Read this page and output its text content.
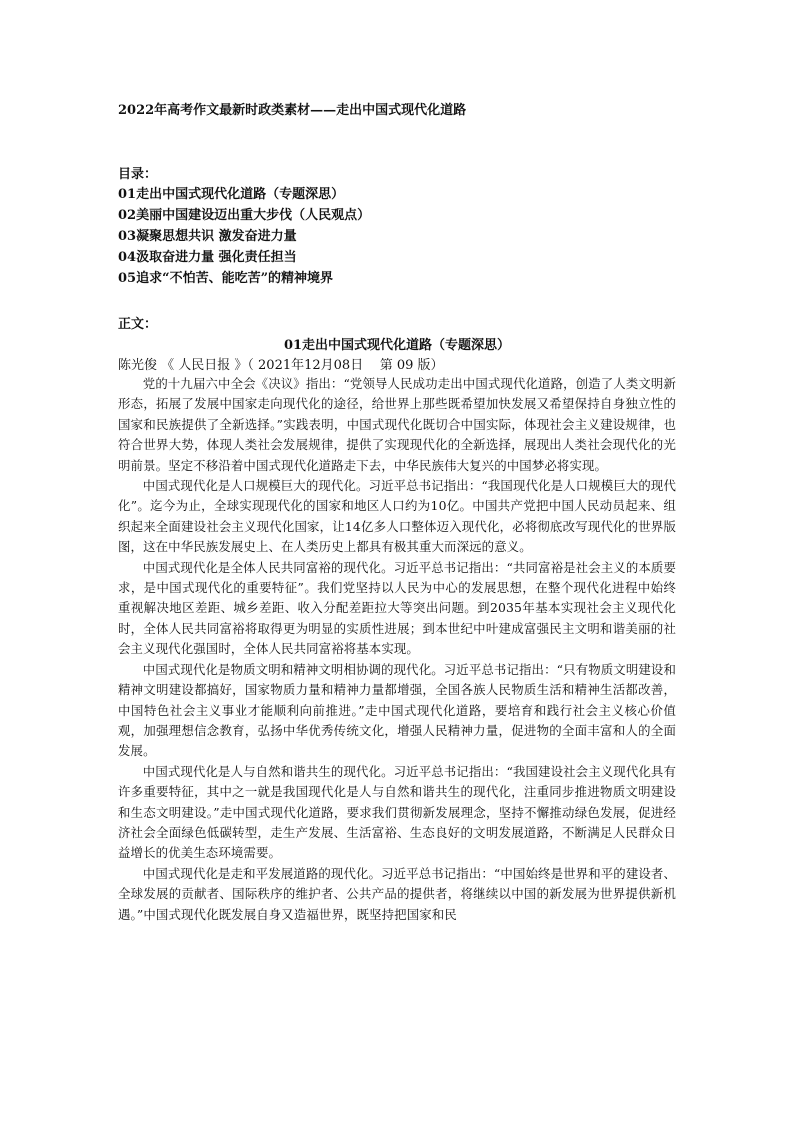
2022年高考作文最新时政类素材——走出中国式现代化道路
目录：
01走出中国式现代化道路（专题深思）
02美丽中国建设迈出重大步伐（人民观点）
03凝聚思想共识 激发奋进力量
04汲取奋进力量 强化责任担当
05追求“不怕苦、能吃苦”的精神境界
正文：
01走出中国式现代化道路（专题深思）
陈光俊 《 人民日报 》（ 2021年12月08日    第 09 版）

党的十九届六中全会《决议》指出：“党领导人民成功走出中国式现代化道路，创造了人类文明新形态，拓展了发展中国家走向现代化的途径，给世界上那些既希望加快发展又希望保持自身独立性的国家和民族提供了全新选择。”实践表明，中国式现代化既切合中国实际，体现社会主义建设规律，也符合世界大势，体现人类社会发展规律，提供了实现现代化的全新选择，展现出人类社会现代化的光明前景。坚定不移沿着中国式现代化道路走下去，中华民族伟大复兴的中国梦必将实现。

中国式现代化是人口规模巨大的现代化。习近平总书记指出：“我国现代化是人口规模巨大的现代化”。迄今为止，全球实现现代化的国家和地区人口约为10亿。中国共产党把中国人民动员起来、组织起来全面建设社会主义现代化国家，让14亿多人口整体迈入现代化，必将彻底改写现代化的世界版图，这在中华民族发展史上、在人类历史上都具有极其重大而深远的意义。

中国式现代化是全体人民共同富裕的现代化。习近平总书记指出：“共同富裕是社会主义的本质要求，是中国式现代化的重要特征”。我们党坚持以人民为中心的发展思想，在整个现代化进程中始终重视解决地区差距、城乡差距、收入分配差距拉大等突出问题。到2035年基本实现社会主义现代化时，全体人民共同富裕将取得更为明显的实质性进展；到本世纪中叶建成富强民主文明和谐美丽的社会主义现代化强国时，全体人民共同富裕将基本实现。

中国式现代化是物质文明和精神文明相协调的现代化。习近平总书记指出：“只有物质文明建设和精神文明建设都搞好，国家物质力量和精神力量都增强，全国各族人民物质生活和精神生活都改善，中国特色社会主义事业才能顺利向前推进。”走中国式现代化道路，要培育和践行社会主义核心价值观，加强理想信念教育，弘扬中华优秀传统文化，增强人民精神力量，促进物的全面丰富和人的全面发展。

中国式现代化是人与自然和谐共生的现代化。习近平总书记指出：“我国建设社会主义现代化具有许多重要特征，其中之一就是我国现代化是人与自然和谐共生的现代化，注重同步推进物质文明建设和生态文明建设。”走中国式现代化道路，要求我们贯彻新发展理念，坚持不懈推动绿色发展，促进经济社会全面绿色低碳转型，走生产发展、生活富裕、生态良好的文明发展道路，不断满足人民群众日益增长的优美生态环境需要。

中国式现代化是走和平发展道路的现代化。习近平总书记指出：“中国始终是世界和平的建设者、全球发展的贡献者、国际秩序的维护者、公共产品的提供者，将继续以中国的新发展为世界提供新机遇。”中国式现代化既发展自身又造福世界，既坚持把国家和民
